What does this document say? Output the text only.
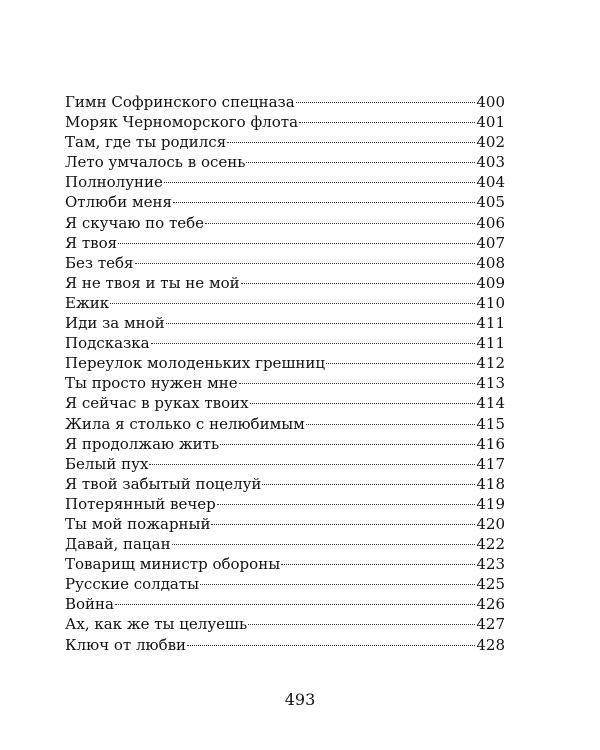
Гимн Софринского спецназа	400
Моряк Черноморского флота	401
Там, где ты родился	402
Лето умчалось в осень	403
Полнолуние	404
Отлюби меня	405
Я скучаю по тебе	406
Я твоя	407
Без тебя	408
Я не твоя и ты не мой	409
Ежик	410
Иди за мной	411
Подсказка	411
Переулок молоденьких грешниц	412
Ты просто нужен мне	413
Я сейчас в руках твоих	414
Жила я столько с нелюбимым	415
Я продолжаю жить	416
Белый пух	417
Я твой забытый поцелуй	418
Потерянный вечер	419
Ты мой пожарный	420
Давай, пацан	422
Товарищ министр обороны	423
Русские солдаты	425
Война	426
Ах, как же ты целуешь	427
Ключ от любви	428
493
